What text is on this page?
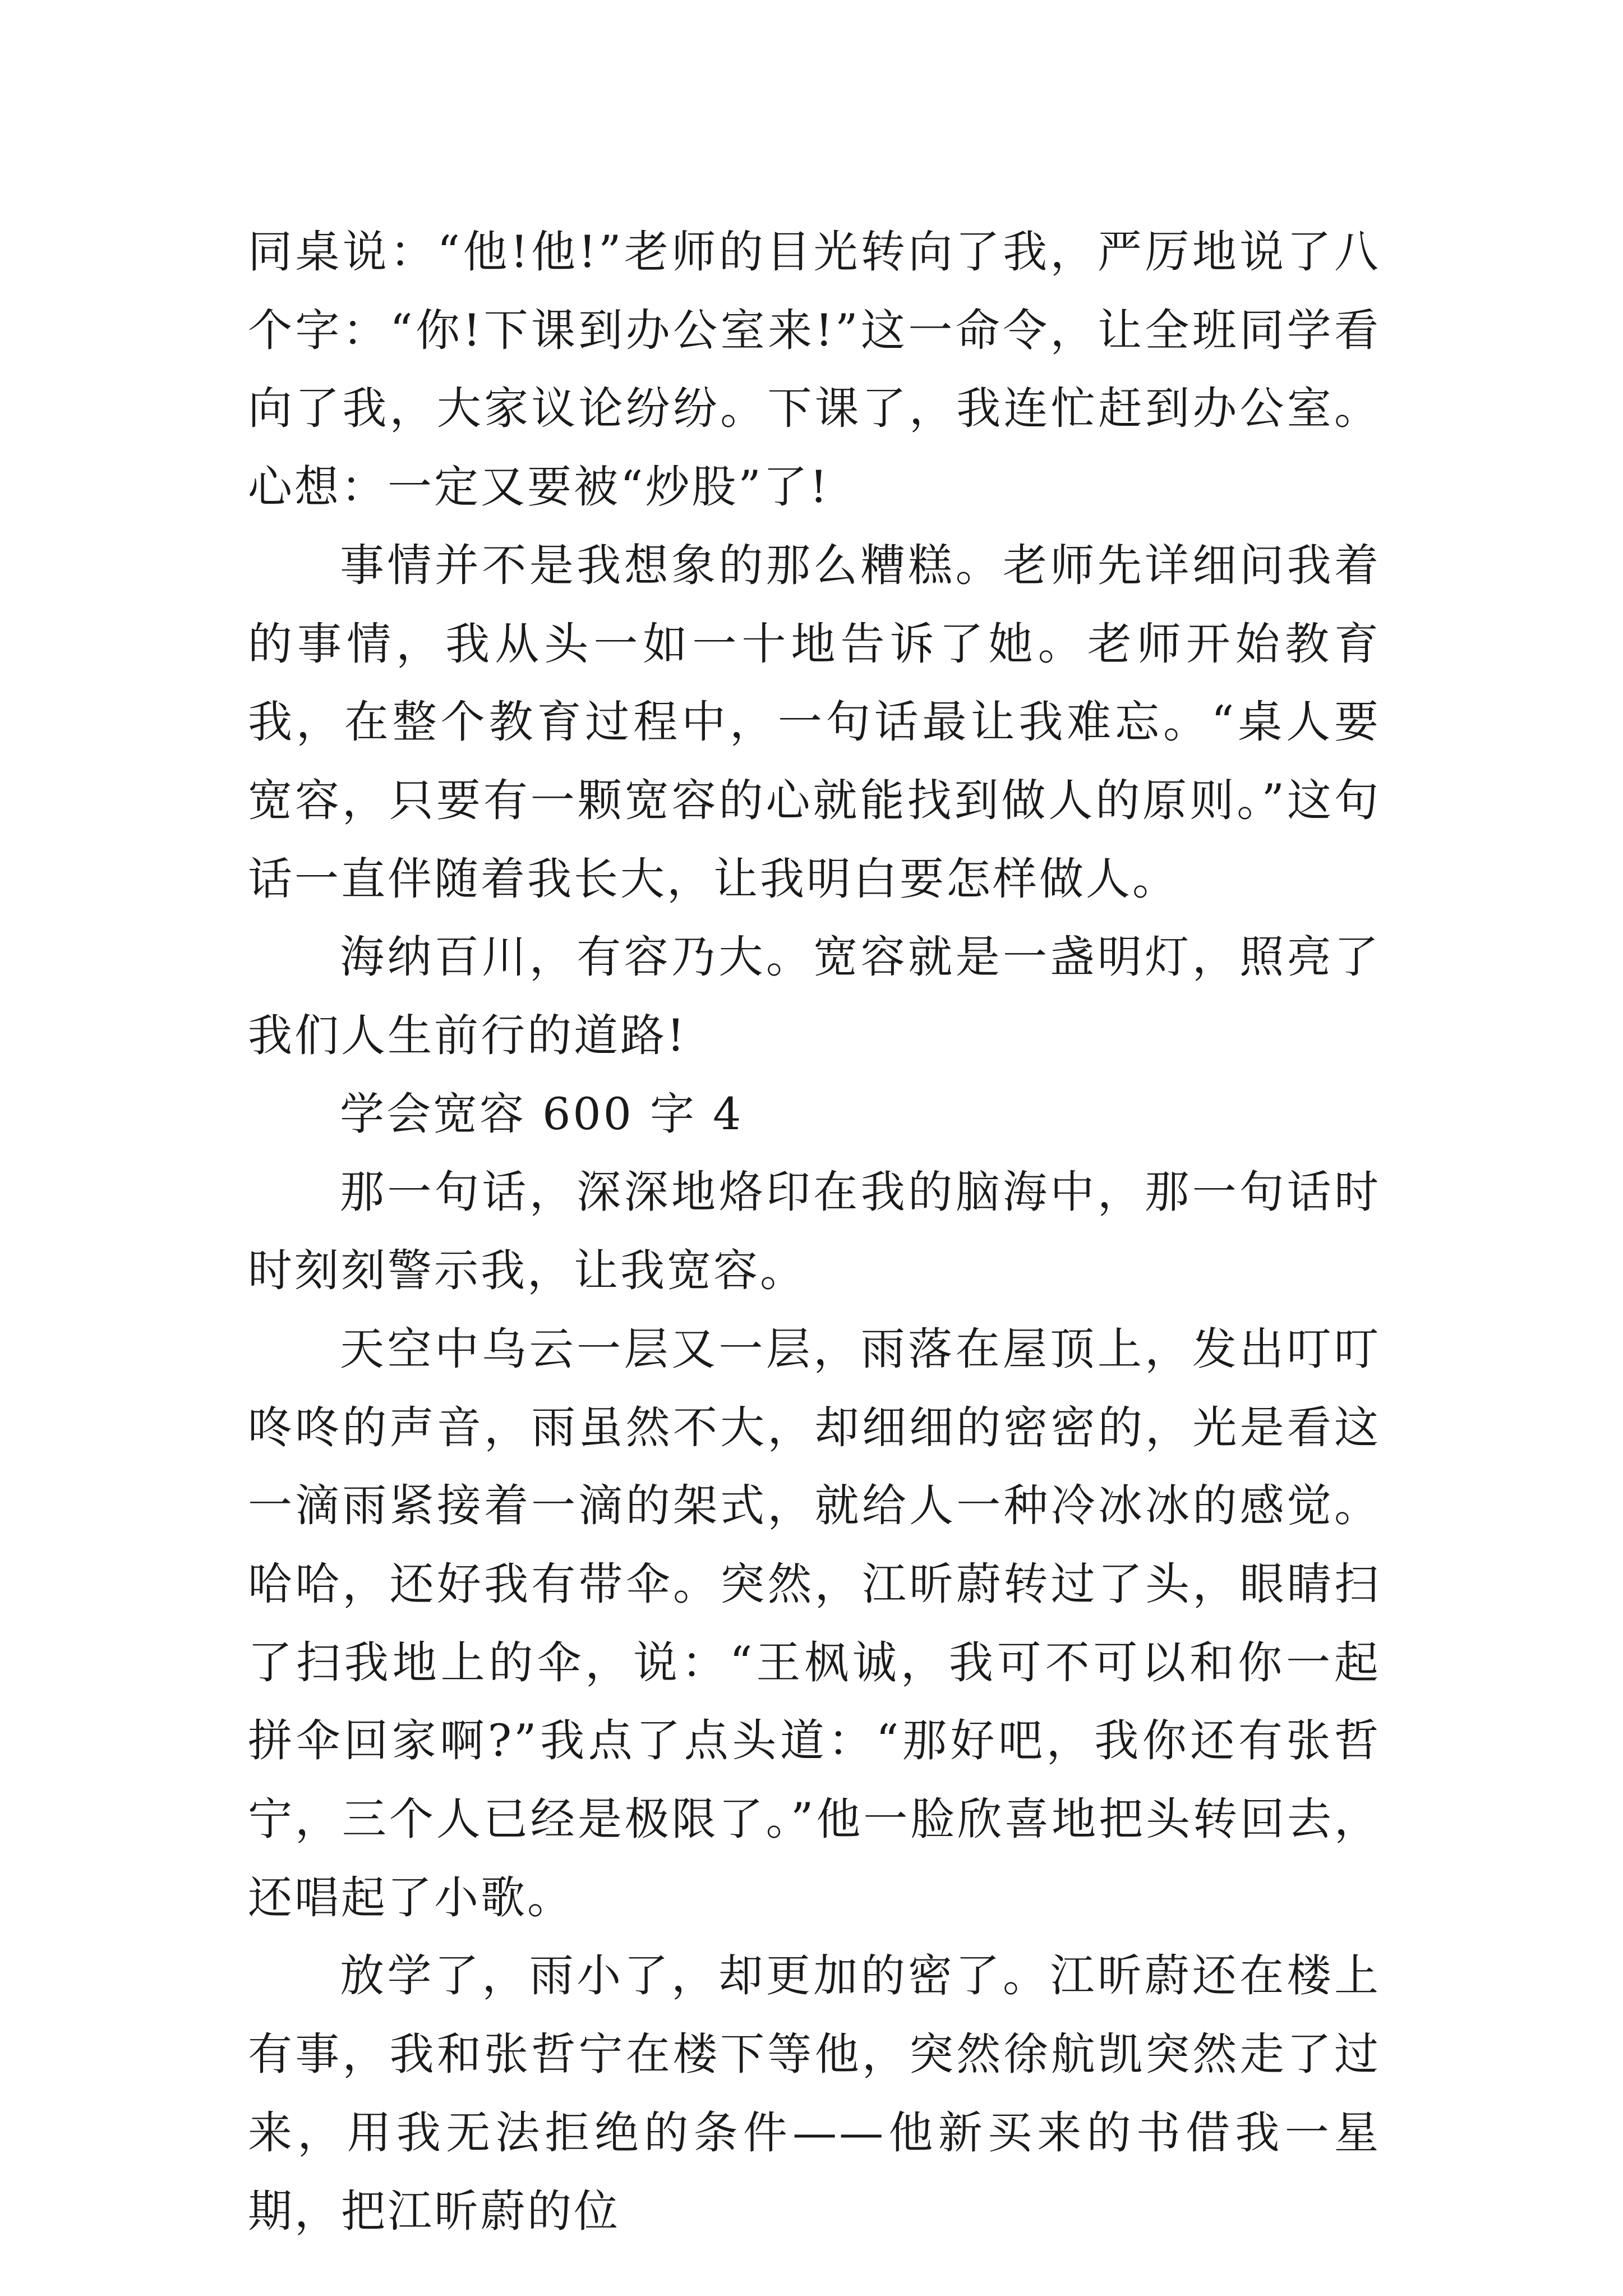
同桌说：“他!他!”老师的目光转向了我，严厉地说了八个字：“你!下课到办公室来!”这一命令，让全班同学看向了我，大家议论纷纷。下课了，我连忙赶到办公室。心想：一定又要被“炒股”了!

事情并不是我想象的那么糟糕。老师先详细问我着的事情，我从头一如一十地告诉了她。老师开始教育我，在整个教育过程中，一句话最让我难忘。“桌人要宽容，只要有一颗宽容的心就能找到做人的原则。”这句话一直伴随着我长大，让我明白要怎样做人。

海纳百川，有容乃大。宽容就是一盏明灯，照亮了我们人生前行的道路!

学会宽容 600 字 4

那一句话，深深地烙印在我的脑海中，那一句话时时刻刻警示我，让我宽容。

天空中乌云一层又一层，雨落在屋顶上，发出叮叮咚咚的声音，雨虽然不大，却细细的密密的，光是看这一滴雨紧接着一滴的架式，就给人一种冷冰冰的感觉。哈哈，还好我有带伞。突然，江昕蔚转过了头，眼睛扫了扫我地上的伞，说：“王枫诚，我可不可以和你一起拼伞回家啊?”我点了点头道：“那好吧，我你还有张哲宁，三个人已经是极限了。”他一脸欣喜地把头转回去，还唱起了小歌。

放学了，雨小了，却更加的密了。江昕蔚还在楼上有事，我和张哲宁在楼下等他，突然徐航凯突然走了过来，用我无法拒绝的条件——他新买来的书借我一星期，把江昕蔚的位
